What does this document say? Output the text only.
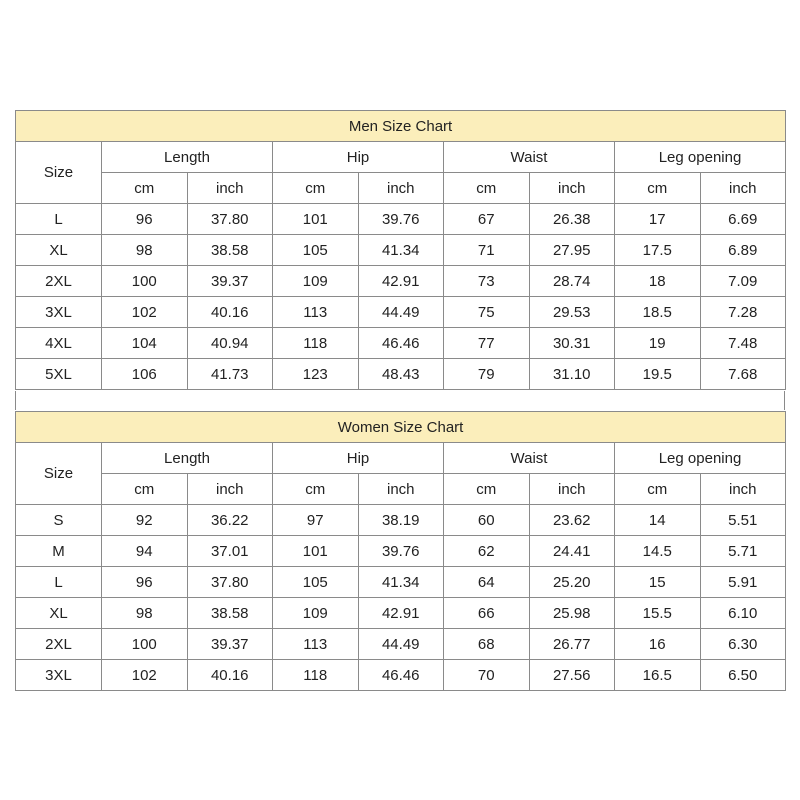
Men Size Chart								
Size	Length		Hip		Waist		Leg opening	
	cm	inch	cm	inch	cm	inch	cm	inch
L	96	37.80	101	39.76	67	26.38	17	6.69
XL	98	38.58	105	41.34	71	27.95	17.5	6.89
2XL	100	39.37	109	42.91	73	28.74	18	7.09
3XL	102	40.16	113	44.49	75	29.53	18.5	7.28
4XL	104	40.94	118	46.46	77	30.31	19	7.48
5XL	106	41.73	123	48.43	79	31.10	19.5	7.68
Women Size Chart								
Size	Length		Hip		Waist		Leg opening	
	cm	inch	cm	inch	cm	inch	cm	inch
S	92	36.22	97	38.19	60	23.62	14	5.51
M	94	37.01	101	39.76	62	24.41	14.5	5.71
L	96	37.80	105	41.34	64	25.20	15	5.91
XL	98	38.58	109	42.91	66	25.98	15.5	6.10
2XL	100	39.37	113	44.49	68	26.77	16	6.30
3XL	102	40.16	118	46.46	70	27.56	16.5	6.50
